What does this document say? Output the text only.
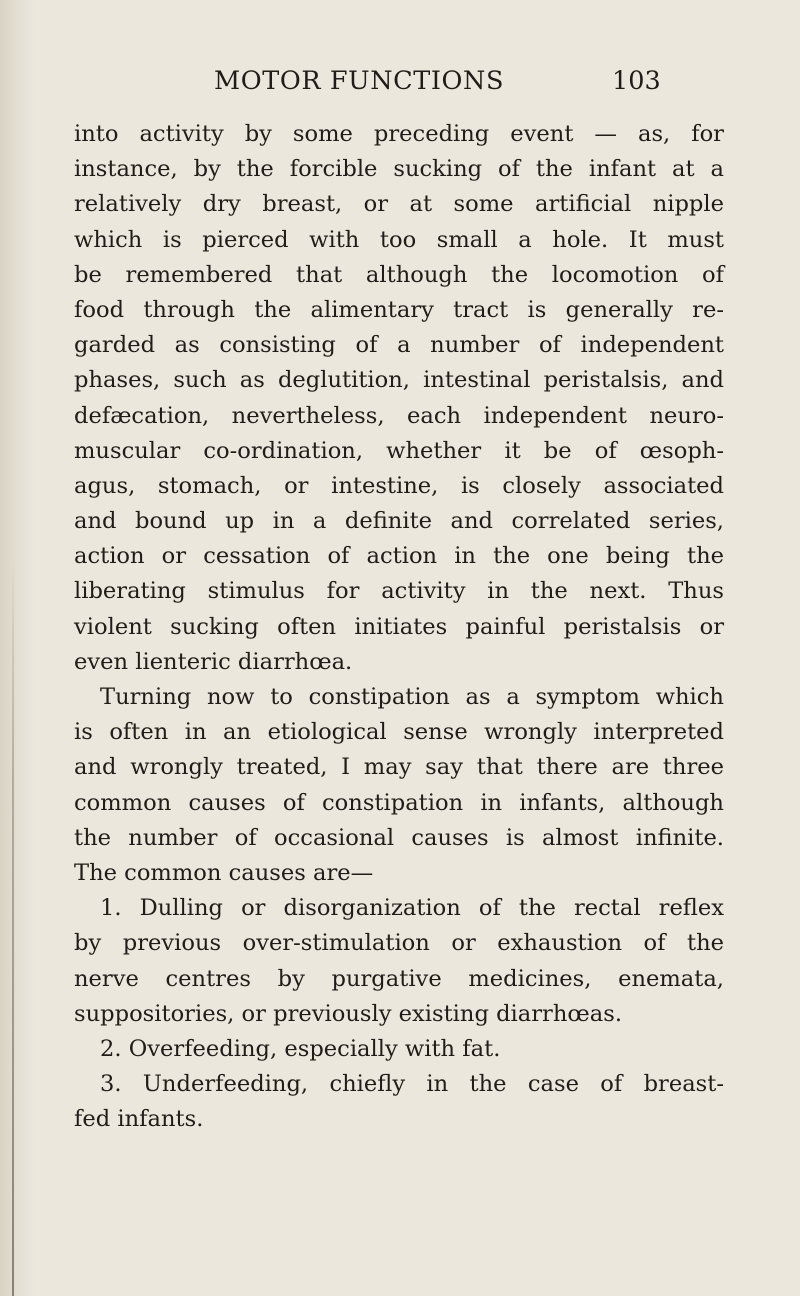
MOTOR FUNCTIONS	103
into activity by some preceding event — as, for
instance, by the forcible sucking of the infant at a
relatively dry breast, or at some artificial nipple
which is pierced with too small a hole. It must
be remembered that although the locomotion of
food through the alimentary tract is generally re-
garded as consisting of a number of independent
phases, such as deglutition, intestinal peristalsis, and
defæcation, nevertheless, each independent neuro-
muscular co-ordination, whether it be of œsoph-
agus, stomach, or intestine, is closely associated
and bound up in a definite and correlated series,
action or cessation of action in the one being the
liberating stimulus for activity in the next. Thus
violent sucking often initiates painful peristalsis or
even lienteric diarrhœa.
Turning now to constipation as a symptom which
is often in an etiological sense wrongly interpreted
and wrongly treated, I may say that there are three
common causes of constipation in infants, although
the number of occasional causes is almost infinite.
The common causes are—
1. Dulling or disorganization of the rectal reflex
by previous over-stimulation or exhaustion of the
nerve centres by purgative medicines, enemata,
suppositories, or previously existing diarrhœas.
2. Overfeeding, especially with fat.
3. Underfeeding, chiefly in the case of breast-
fed infants.
